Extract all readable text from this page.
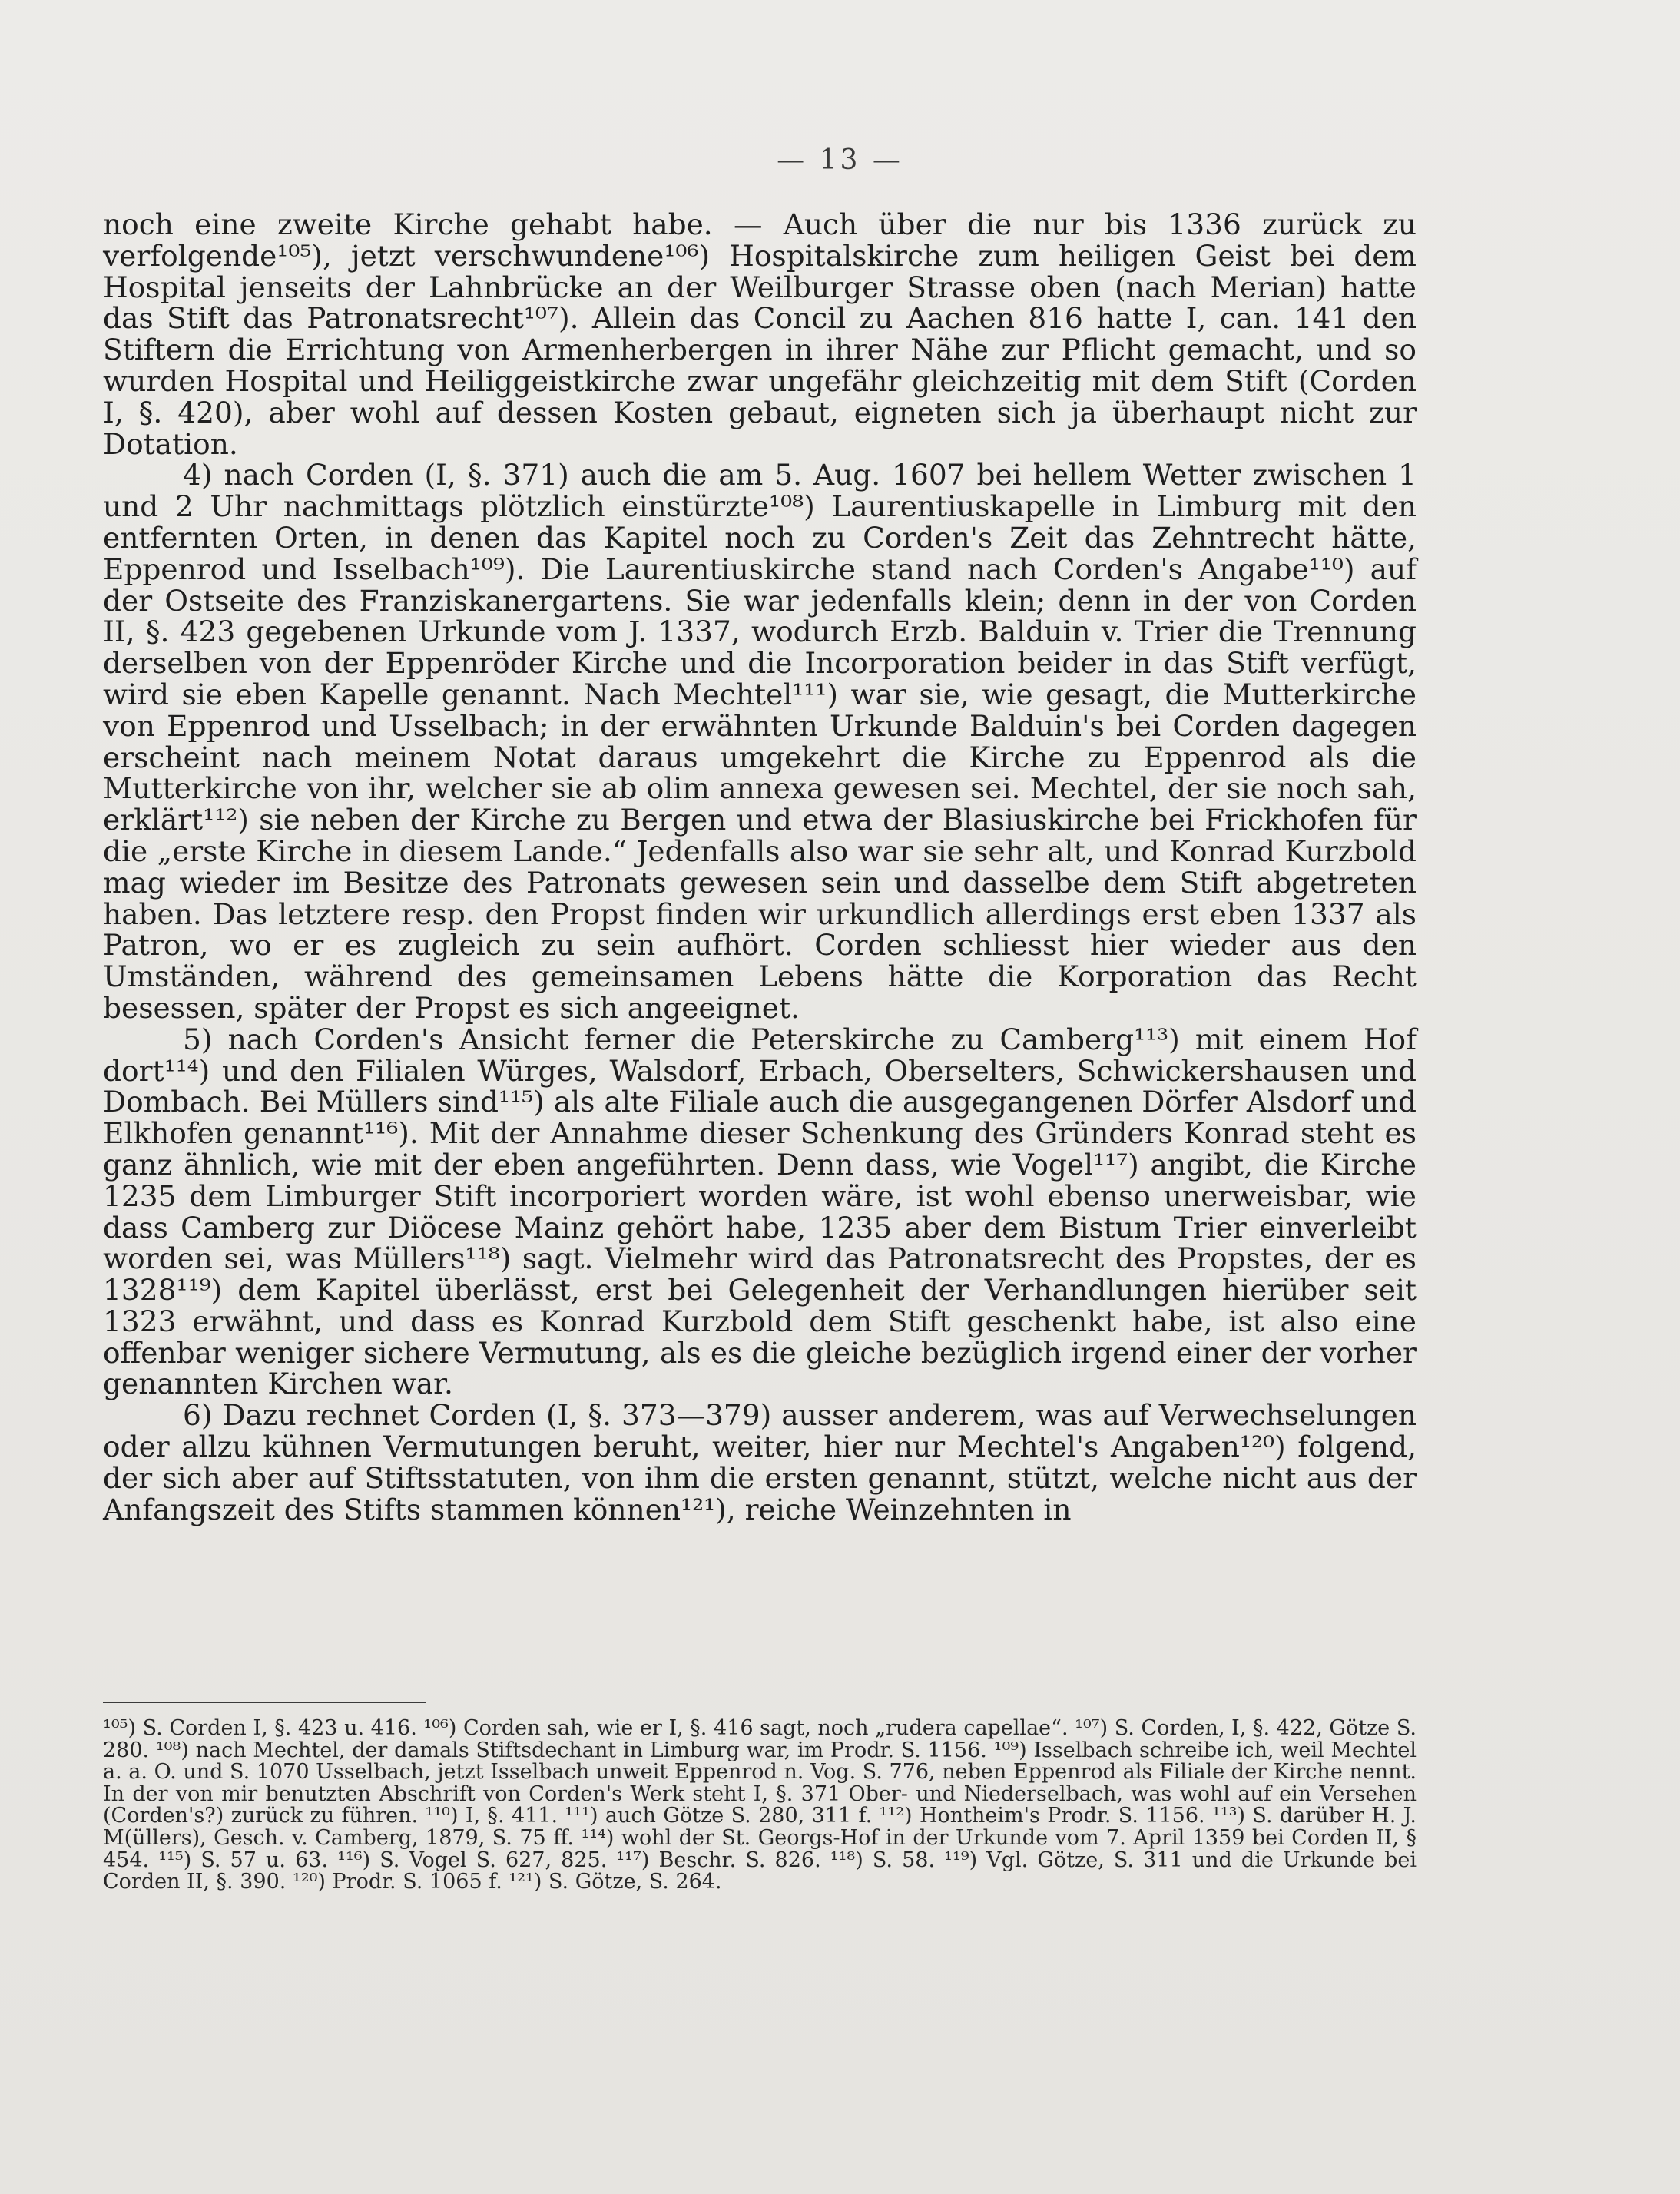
— 13 —

noch eine zweite Kirche gehabt habe. — Auch über die nur bis 1336 zurück zu verfolgende¹⁰⁵), jetzt verschwundene¹⁰⁶) Hospitalskirche zum heiligen Geist bei dem Hospital jenseits der Lahnbrücke an der Weilburger Strasse oben (nach Merian) hatte das Stift das Patronatsrecht¹⁰⁷). Allein das Concil zu Aachen 816 hatte I, can. 141 den Stiftern die Errichtung von Armenherbergen in ihrer Nähe zur Pflicht gemacht, und so wurden Hospital und Heiliggeistkirche zwar ungefähr gleichzeitig mit dem Stift (Corden I, §. 420), aber wohl auf dessen Kosten gebaut, eigneten sich ja überhaupt nicht zur Dotation.

4) nach Corden (I, §. 371) auch die am 5. Aug. 1607 bei hellem Wetter zwischen 1 und 2 Uhr nachmittags plötzlich einstürzte¹⁰⁸) Laurentiuskapelle in Limburg mit den entfernten Orten, in denen das Kapitel noch zu Corden's Zeit das Zehntrecht hätte, Eppenrod und Isselbach¹⁰⁹). Die Laurentiuskirche stand nach Corden's Angabe¹¹⁰) auf der Ostseite des Franziskanergartens. Sie war jedenfalls klein; denn in der von Corden II, §. 423 gegebenen Urkunde vom J. 1337, wodurch Erzb. Balduin v. Trier die Trennung derselben von der Eppenröder Kirche und die Incorporation beider in das Stift verfügt, wird sie eben Kapelle genannt. Nach Mechtel¹¹¹) war sie, wie gesagt, die Mutterkirche von Eppenrod und Usselbach; in der erwähnten Urkunde Balduin's bei Corden dagegen erscheint nach meinem Notat daraus umgekehrt die Kirche zu Eppenrod als die Mutterkirche von ihr, welcher sie ab olim annexa gewesen sei. Mechtel, der sie noch sah, erklärt¹¹²) sie neben der Kirche zu Bergen und etwa der Blasiuskirche bei Frickhofen für die „erste Kirche in diesem Lande.“ Jedenfalls also war sie sehr alt, und Konrad Kurzbold mag wieder im Besitze des Patronats gewesen sein und dasselbe dem Stift abgetreten haben. Das letztere resp. den Propst finden wir urkundlich allerdings erst eben 1337 als Patron, wo er es zugleich zu sein aufhört. Corden schliesst hier wieder aus den Umständen, während des gemeinsamen Lebens hätte die Korporation das Recht besessen, später der Propst es sich angeeignet.

5) nach Corden's Ansicht ferner die Peterskirche zu Camberg¹¹³) mit einem Hof dort¹¹⁴) und den Filialen Würges, Walsdorf, Erbach, Oberselters, Schwickershausen und Dombach. Bei Müllers sind¹¹⁵) als alte Filiale auch die ausgegangenen Dörfer Alsdorf und Elkhofen genannt¹¹⁶). Mit der Annahme dieser Schenkung des Gründers Konrad steht es ganz ähnlich, wie mit der eben angeführten. Denn dass, wie Vogel¹¹⁷) angibt, die Kirche 1235 dem Limburger Stift incorporiert worden wäre, ist wohl ebenso unerweisbar, wie dass Camberg zur Diöcese Mainz gehört habe, 1235 aber dem Bistum Trier einverleibt worden sei, was Müllers¹¹⁸) sagt. Vielmehr wird das Patronatsrecht des Propstes, der es 1328¹¹⁹) dem Kapitel überlässt, erst bei Gelegenheit der Verhandlungen hierüber seit 1323 erwähnt, und dass es Konrad Kurzbold dem Stift geschenkt habe, ist also eine offenbar weniger sichere Vermutung, als es die gleiche bezüglich irgend einer der vorher genannten Kirchen war.

6) Dazu rechnet Corden (I, §. 373—379) ausser anderem, was auf Verwechselungen oder allzu kühnen Vermutungen beruht, weiter, hier nur Mechtel's Angaben¹²⁰) folgend, der sich aber auf Stiftsstatuten, von ihm die ersten genannt, stützt, welche nicht aus der Anfangszeit des Stifts stammen können¹²¹), reiche Weinzehnten in

¹⁰⁵) S. Corden I, §. 423 u. 416. ¹⁰⁶) Corden sah, wie er I, §. 416 sagt, noch „rudera capellae“. ¹⁰⁷) S. Corden, I, §. 422, Götze S. 280. ¹⁰⁸) nach Mechtel, der damals Stiftsdechant in Limburg war, im Prodr. S. 1156. ¹⁰⁹) Isselbach schreibe ich, weil Mechtel a. a. O. und S. 1070 Usselbach, jetzt Isselbach unweit Eppenrod n. Vog. S. 776, neben Eppenrod als Filiale der Kirche nennt. In der von mir benutzten Abschrift von Corden's Werk steht I, §. 371 Ober- und Niederselbach, was wohl auf ein Versehen (Corden's?) zurück zu führen. ¹¹⁰) I, §. 411. ¹¹¹) auch Götze S. 280, 311 f. ¹¹²) Hontheim's Prodr. S. 1156. ¹¹³) S. darüber H. J. M(üllers), Gesch. v. Camberg, 1879, S. 75 ff. ¹¹⁴) wohl der St. Georgs-Hof in der Urkunde vom 7. April 1359 bei Corden II, § 454. ¹¹⁵) S. 57 u. 63. ¹¹⁶) S. Vogel S. 627, 825. ¹¹⁷) Beschr. S. 826. ¹¹⁸) S. 58. ¹¹⁹) Vgl. Götze, S. 311 und die Urkunde bei Corden II, §. 390. ¹²⁰) Prodr. S. 1065 f. ¹²¹) S. Götze, S. 264.
